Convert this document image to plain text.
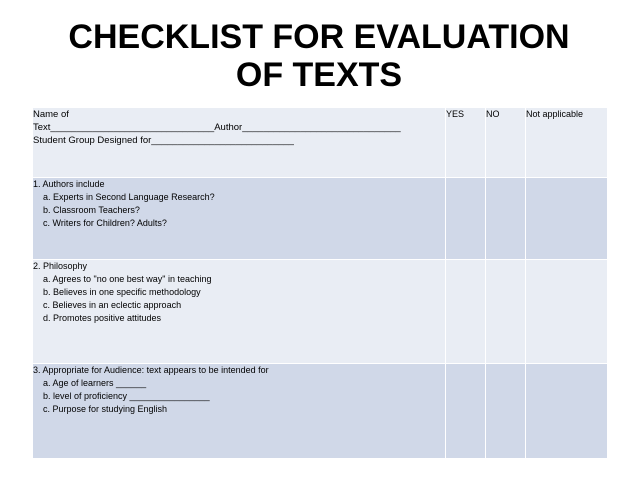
CHECKLIST FOR EVALUATION
OF TEXTS
Name of
Text_______________________________Author______________________________
Student Group Designed for___________________________	YES	NO	Not applicable

1. Authors include
a. Experts in Second Language Research?
b. Classroom Teachers?
c. Writers for Children? Adults?			

2. Philosophy
a. Agrees to "no one best way" in teaching
b. Believes in one specific methodology
c. Believes in an eclectic approach
d. Promotes positive attitudes			

3. Appropriate for Audience: text appears to be intended for
a. Age of learners ______
b. level of proficiency ________________
c. Purpose for studying English			
